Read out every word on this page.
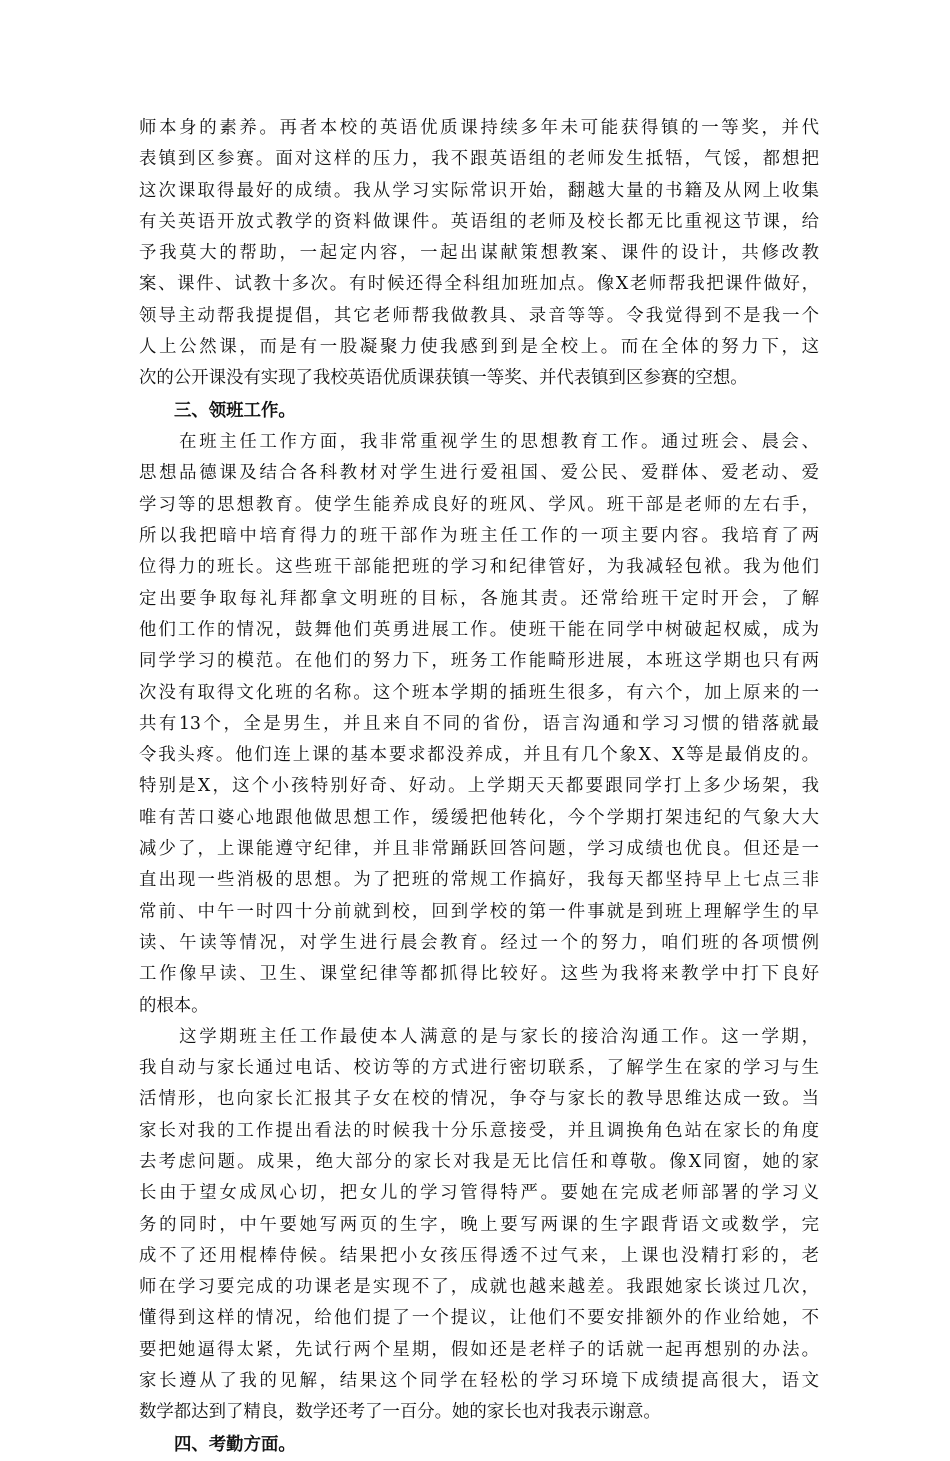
师本身的素养。再者本校的英语优质课持续多年未可能获得镇的一等奖，并代
表镇到区参赛。面对这样的压力，我不跟英语组的老师发生抵牾，气馁，都想把
这次课取得最好的成绩。我从学习实际常识开始，翻越大量的书籍及从网上收集
有关英语开放式教学的资料做课件。英语组的老师及校长都无比重视这节课，给
予我莫大的帮助，一起定内容，一起出谋献策想教案、课件的设计，共修改教
案、课件、试教十多次。有时候还得全科组加班加点。像X老师帮我把课件做好，
领导主动帮我提提倡，其它老师帮我做教具、录音等等。令我觉得到不是我一个
人上公然课，而是有一股凝聚力使我感到到是全校上。而在全体的努力下，这
次的公开课没有实现了我校英语优质课获镇一等奖、并代表镇到区参赛的空想。
三、领班工作。
　　在班主任工作方面，我非常重视学生的思想教育工作。通过班会、晨会、
思想品德课及结合各科教材对学生进行爱祖国、爱公民、爱群体、爱老动、爱
学习等的思想教育。使学生能养成良好的班风、学风。班干部是老师的左右手，
所以我把暗中培育得力的班干部作为班主任工作的一项主要内容。我培育了两
位得力的班长。这些班干部能把班的学习和纪律管好，为我减轻包袱。我为他们
定出要争取每礼拜都拿文明班的目标，各施其责。还常给班干定时开会，了解
他们工作的情况，鼓舞他们英勇进展工作。使班干能在同学中树破起权威，成为
同学学习的模范。在他们的努力下，班务工作能畸形进展，本班这学期也只有两
次没有取得文化班的名称。这个班本学期的插班生很多，有六个，加上原来的一
共有13个，全是男生，并且来自不同的省份，语言沟通和学习习惯的错落就最
令我头疼。他们连上课的基本要求都没养成，并且有几个象X、X等是最俏皮的。
特别是X，这个小孩特别好奇、好动。上学期天天都要跟同学打上多少场架，我
唯有苦口婆心地跟他做思想工作，缓缓把他转化，今个学期打架违纪的气象大大
减少了，上课能遵守纪律，并且非常踊跃回答问题，学习成绩也优良。但还是一
直出现一些消极的思想。为了把班的常规工作搞好，我每天都坚持早上七点三非
常前、中午一时四十分前就到校，回到学校的第一件事就是到班上理解学生的早
读、午读等情况，对学生进行晨会教育。经过一个的努力，咱们班的各项惯例
工作像早读、卫生、课堂纪律等都抓得比较好。这些为我将来教学中打下良好
的根本。
　　这学期班主任工作最使本人满意的是与家长的接洽沟通工作。这一学期，
我自动与家长通过电话、校访等的方式进行密切联系，了解学生在家的学习与生
活情形，也向家长汇报其子女在校的情况，争夺与家长的教导思维达成一致。当
家长对我的工作提出看法的时候我十分乐意接受，并且调换角色站在家长的角度
去考虑问题。成果，绝大部分的家长对我是无比信任和尊敬。像X同窗，她的家
长由于望女成凤心切，把女儿的学习管得特严。要她在完成老师部署的学习义
务的同时，中午要她写两页的生字，晚上要写两课的生字跟背语文或数学，完
成不了还用棍棒侍候。结果把小女孩压得透不过气来，上课也没精打彩的，老
师在学习要完成的功课老是实现不了，成就也越来越差。我跟她家长谈过几次，
懂得到这样的情况，给他们提了一个提议，让他们不要安排额外的作业给她，不
要把她逼得太紧，先试行两个星期，假如还是老样子的话就一起再想别的办法。
家长遵从了我的见解，结果这个同学在轻松的学习环境下成绩提高很大，语文
数学都达到了精良，数学还考了一百分。她的家长也对我表示谢意。
四、考勤方面。
